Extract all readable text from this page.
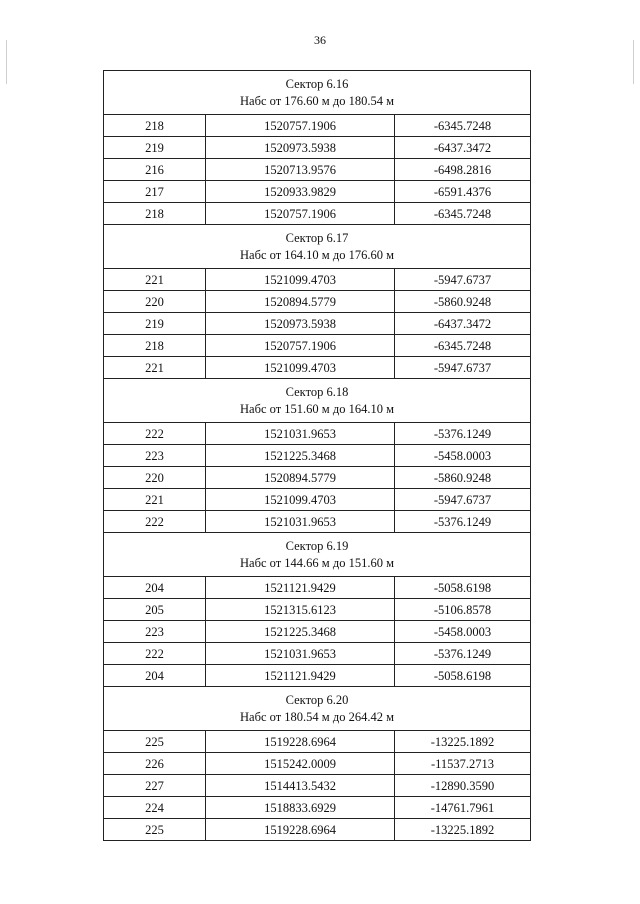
36
Сектор 6.16
Набс от 176.60 м до 180.54 м		

218	1520757.1906	-6345.7248
219	1520973.5938	-6437.3472
216	1520713.9576	-6498.2816
217	1520933.9829	-6591.4376
218	1520757.1906	-6345.7248

Сектор 6.17
Набс от 164.10 м до 176.60 м		

221	1521099.4703	-5947.6737
220	1520894.5779	-5860.9248
219	1520973.5938	-6437.3472
218	1520757.1906	-6345.7248
221	1521099.4703	-5947.6737

Сектор 6.18
Набс от 151.60 м до 164.10 м		

222	1521031.9653	-5376.1249
223	1521225.3468	-5458.0003
220	1520894.5779	-5860.9248
221	1521099.4703	-5947.6737
222	1521031.9653	-5376.1249

Сектор 6.19
Набс от 144.66 м до 151.60 м		

204	1521121.9429	-5058.6198
205	1521315.6123	-5106.8578
223	1521225.3468	-5458.0003
222	1521031.9653	-5376.1249
204	1521121.9429	-5058.6198

Сектор 6.20
Набс от 180.54 м до 264.42 м		

225	1519228.6964	-13225.1892
226	1515242.0009	-11537.2713
227	1514413.5432	-12890.3590
224	1518833.6929	-14761.7961
225	1519228.6964	-13225.1892
